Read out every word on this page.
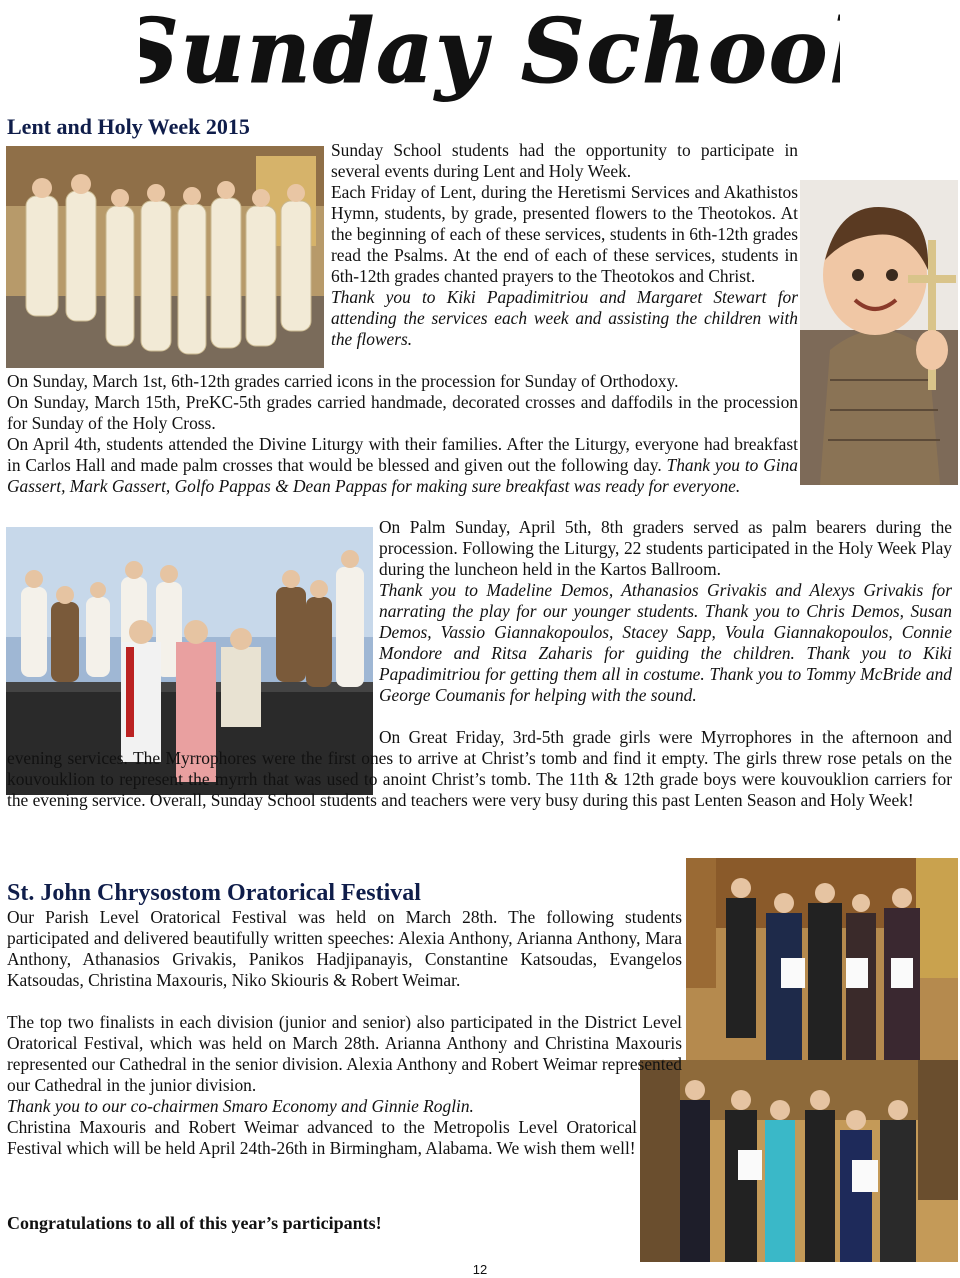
Sunday School
Lent and Holy Week 2015

Sunday School students had the opportunity to participate in several events during Lent and Holy Week.

Each Friday of Lent, during the Heretismi Services and Akathistos Hymn, students, by grade, presented flowers to the Theotokos. At the beginning of each of these services, students in 6th-12th grades read the Psalms. At the end of each of these services, students in 6th-12th grades chanted prayers to the Theotokos and Christ.

Thank you to Kiki Papadimitriou and Margaret Stewart for attending the services each week and assisting the children with the flowers.

On Sunday, March 1st, 6th-12th grades carried icons in the procession for Sunday of Orthodoxy.

On Sunday, March 15th, PreKC-5th grades carried handmade, decorated crosses and daffodils in the procession for Sunday of the Holy Cross.

On April 4th, students attended the Divine Liturgy with their families. After the Liturgy, everyone had breakfast in Carlos Hall and made palm crosses that would be blessed and given out the following day. Thank you to Gina Gassert, Mark Gassert, Golfo Pappas & Dean Pappas for making sure breakfast was ready for everyone.

On Palm Sunday, April 5th, 8th graders served as palm bearers during the procession. Following the Liturgy, 22 students participated in the Holy Week Play during the luncheon held in the Kartos Ballroom.

Thank you to Madeline Demos, Athanasios Grivakis and Alexys Grivakis for narrating the play for our younger students. Thank you to Chris Demos, Susan Demos, Vassio Giannakopoulos, Stacey Sapp, Voula Giannakopoulos, Connie Mondore and Ritsa Zaharis for guiding the children. Thank you to Kiki Papadimitriou for getting them all in costume. Thank you to Tommy McBride and George Coumanis for helping with the sound.

On Great Friday, 3rd-5th grade girls were Myrrophores in the afternoon and evening services. The Myrrophores were the first ones to arrive at Christ’s tomb and find it empty. The girls threw rose petals on the kouvouklion to represent the myrrh that was used to anoint Christ’s tomb. The 11th & 12th grade boys were kouvouklion carriers for the evening service. Overall, Sunday School students and teachers were very busy during this past Lenten Season and Holy Week!

St. John Chrysostom Oratorical Festival

Our Parish Level Oratorical Festival was held on March 28th. The following students participated and delivered beautifully written speeches: Alexia Anthony, Arianna Anthony, Mara Anthony, Athanasios Grivakis, Panikos Hadjipanayis, Constantine Katsoudas, Evangelos Katsoudas, Christina Maxouris, Niko Skiouris & Robert Weimar.

The top two finalists in each division (junior and senior) also participated in the District Level Oratorical Festival, which was held on March 28th. Arianna Anthony and Christina Maxouris represented our Cathedral in the senior division. Alexia Anthony and Robert Weimar represented our Cathedral in the junior division.

Thank you to our co-chairmen Smaro Economy and Ginnie Roglin.

Christina Maxouris and Robert Weimar advanced to the Metropolis Level Oratorical Festival which will be held April 24th-26th in Birmingham, Alabama. We wish them well!

Congratulations to all of this year’s participants!
12
